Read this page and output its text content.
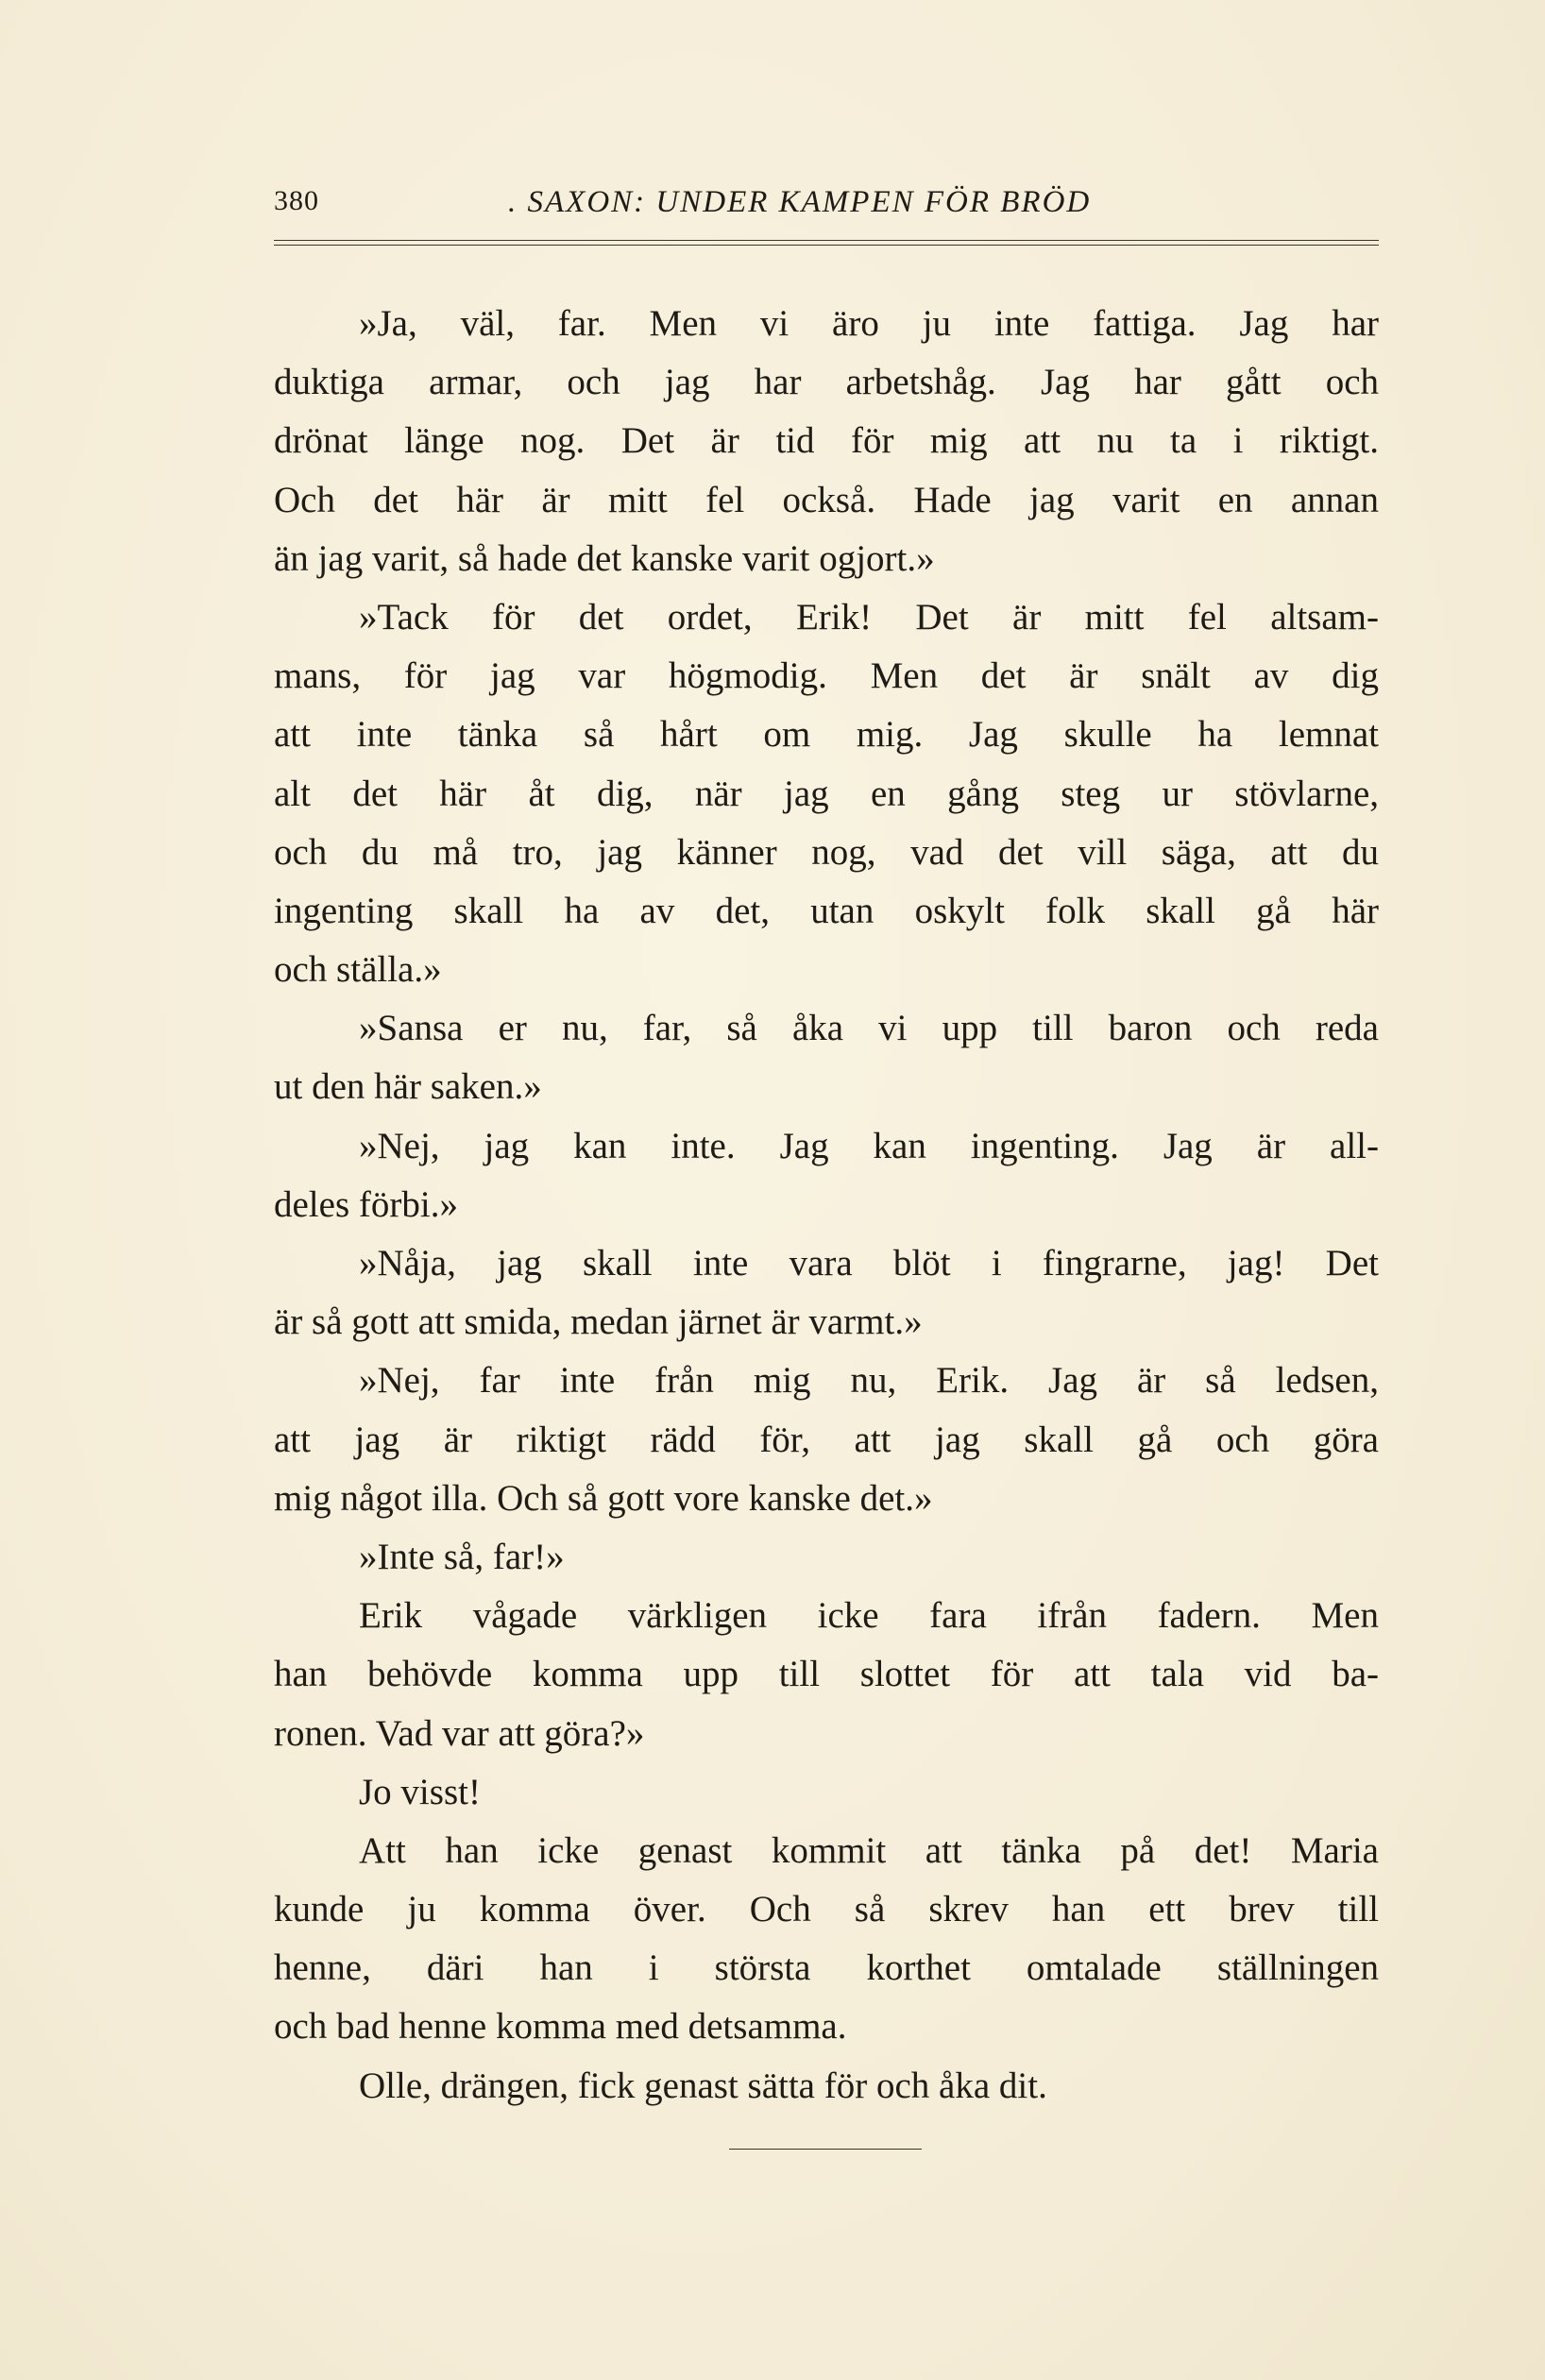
380	. SAXON: UNDER KAMPEN FÖR BRÖD
»Ja, väl, far. Men vi äro ju inte fattiga. Jag har
duktiga armar, och jag har arbetshåg. Jag har gått och
drönat länge nog. Det är tid för mig att nu ta i riktigt.
Och det här är mitt fel också. Hade jag varit en annan
än jag varit, så hade det kanske varit ogjort.»
»Tack för det ordet, Erik! Det är mitt fel altsam-
mans, för jag var högmodig. Men det är snält av dig
att inte tänka så hårt om mig. Jag skulle ha lemnat
alt det här åt dig, när jag en gång steg ur stövlarne,
och du må tro, jag känner nog, vad det vill säga, att du
ingenting skall ha av det, utan oskylt folk skall gå här
och ställa.»
»Sansa er nu, far, så åka vi upp till baron och reda
ut den här saken.»
»Nej, jag kan inte. Jag kan ingenting. Jag är all-
deles förbi.»
»Nåja, jag skall inte vara blöt i fingrarne, jag! Det
är så gott att smida, medan järnet är varmt.»
»Nej, far inte från mig nu, Erik. Jag är så ledsen,
att jag är riktigt rädd för, att jag skall gå och göra
mig något illa. Och så gott vore kanske det.»
»Inte så, far!»
Erik vågade värkligen icke fara ifrån fadern. Men
han behövde komma upp till slottet för att tala vid ba-
ronen. Vad var att göra?»
Jo visst!
Att han icke genast kommit att tänka på det! Maria
kunde ju komma över. Och så skrev han ett brev till
henne, däri han i största korthet omtalade ställningen
och bad henne komma med detsamma.
Olle, drängen, fick genast sätta för och åka dit.
